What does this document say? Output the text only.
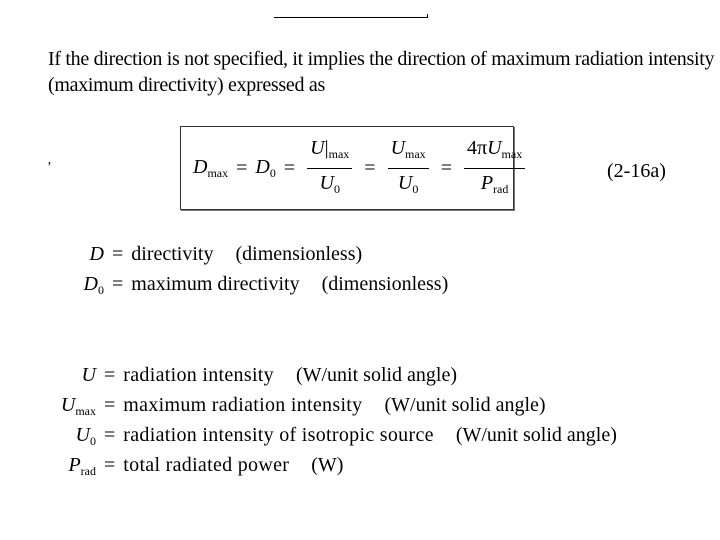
If the direction is not specified, it implies the direction of maximum radiation intensity

(maximum directivity) expressed as

ʼ	$D_{max} = D_0 = \frac{U|_{max}}{U_0} = \frac{U_{max}}{U_0} = \frac{4\pi U_{max}}{P_{rad}}$	(2-16a)
D = directivity (dimensionless)
$D_0$ = maximum directivity (dimensionless)
U = radiation intensity (W/unit solid angle)
$U_{max}$ = maximum radiation intensity (W/unit solid angle)
$U_0$ = radiation intensity of isotropic source (W/unit solid angle)
$P_{rad}$ = total radiated power (W)
